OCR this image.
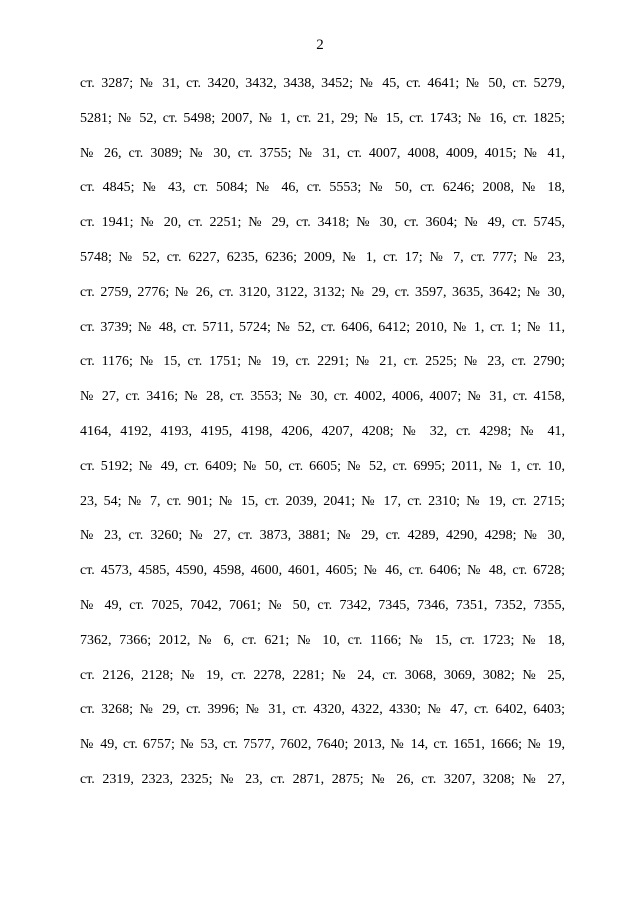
2
ст. 3287; № 31, ст. 3420, 3432, 3438, 3452; № 45, ст. 4641; № 50, ст. 5279,
5281; № 52, ст. 5498; 2007, № 1, ст. 21, 29; № 15, ст. 1743; № 16, ст. 1825;
№ 26, ст. 3089; № 30, ст. 3755; № 31, ст. 4007, 4008, 4009, 4015; № 41,
ст. 4845; № 43, ст. 5084; № 46, ст. 5553; № 50, ст. 6246; 2008, № 18,
ст. 1941; № 20, ст. 2251; № 29, ст. 3418; № 30, ст. 3604; № 49, ст. 5745,
5748; № 52, ст. 6227, 6235, 6236; 2009, № 1, ст. 17; № 7, ст. 777; № 23,
ст. 2759, 2776; № 26, ст. 3120, 3122, 3132; № 29, ст. 3597, 3635, 3642; № 30,
ст. 3739; № 48, ст. 5711, 5724; № 52, ст. 6406, 6412; 2010, № 1, ст. 1; № 11,
ст. 1176; № 15, ст. 1751; № 19, ст. 2291; № 21, ст. 2525; № 23, ст. 2790;
№ 27, ст. 3416; № 28, ст. 3553; № 30, ст. 4002, 4006, 4007; № 31, ст. 4158,
4164, 4192, 4193, 4195, 4198, 4206, 4207, 4208; № 32, ст. 4298; № 41,
ст. 5192; № 49, ст. 6409; № 50, ст. 6605; № 52, ст. 6995; 2011, № 1, ст. 10,
23, 54; № 7, ст. 901; № 15, ст. 2039, 2041; № 17, ст. 2310; № 19, ст. 2715;
№ 23, ст. 3260; № 27, ст. 3873, 3881; № 29, ст. 4289, 4290, 4298; № 30,
ст. 4573, 4585, 4590, 4598, 4600, 4601, 4605; № 46, ст. 6406; № 48, ст. 6728;
№ 49, ст. 7025, 7042, 7061; № 50, ст. 7342, 7345, 7346, 7351, 7352, 7355,
7362, 7366; 2012, № 6, ст. 621; № 10, ст. 1166; № 15, ст. 1723; № 18,
ст. 2126, 2128; № 19, ст. 2278, 2281; № 24, ст. 3068, 3069, 3082; № 25,
ст. 3268; № 29, ст. 3996; № 31, ст. 4320, 4322, 4330; № 47, ст. 6402, 6403;
№ 49, ст. 6757; № 53, ст. 7577, 7602, 7640; 2013, № 14, ст. 1651, 1666; № 19,
ст. 2319, 2323, 2325; № 23, ст. 2871, 2875; № 26, ст. 3207, 3208; № 27,
